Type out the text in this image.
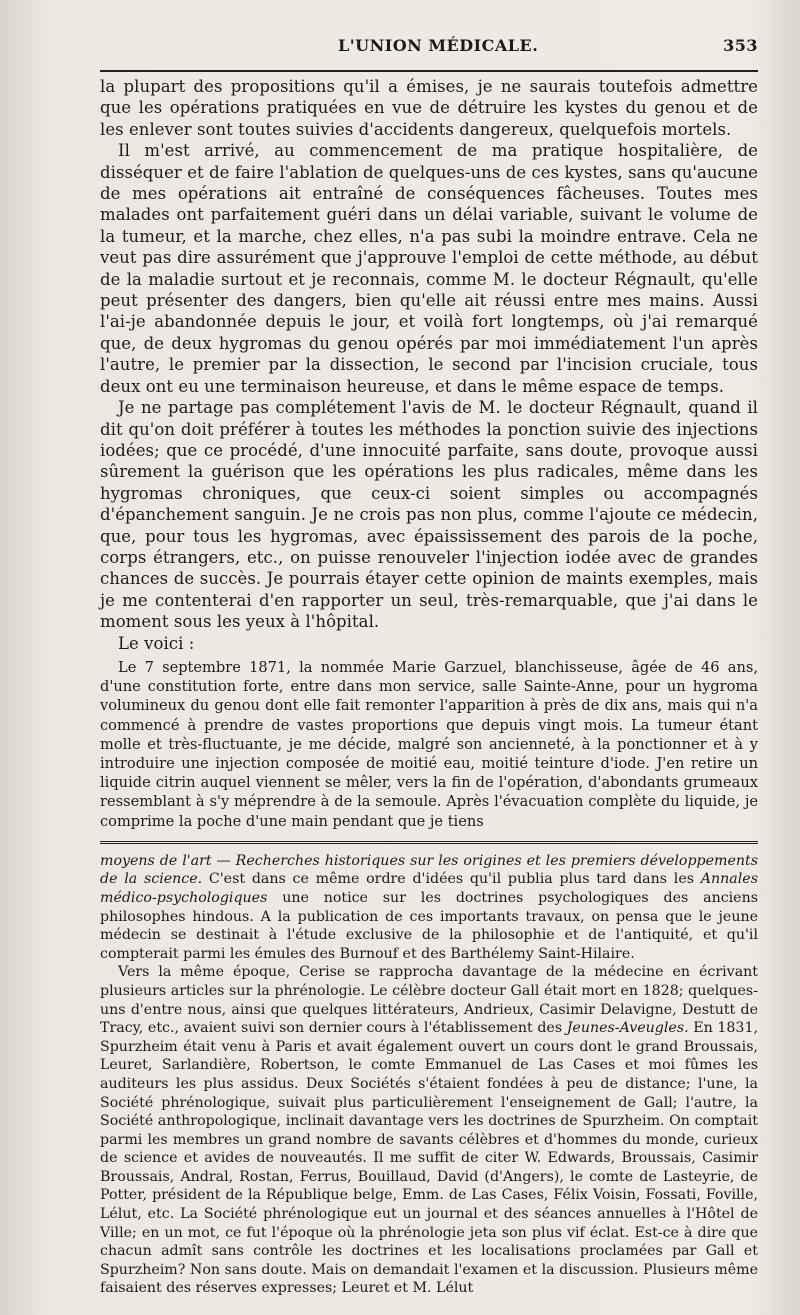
L'UNION MÉDICALE.	353

la plupart des propositions qu'il a émises, je ne saurais toutefois admettre que les opérations pratiquées en vue de détruire les kystes du genou et de les enlever sont toutes suivies d'accidents dangereux, quelquefois mortels.

Il m'est arrivé, au commencement de ma pratique hospitalière, de disséquer et de faire l'ablation de quelques-uns de ces kystes, sans qu'aucune de mes opérations ait entraîné de conséquences fâcheuses. Toutes mes malades ont parfaitement guéri dans un délai variable, suivant le volume de la tumeur, et la marche, chez elles, n'a pas subi la moindre entrave. Cela ne veut pas dire assurément que j'approuve l'emploi de cette méthode, au début de la maladie surtout et je reconnais, comme M. le docteur Régnault, qu'elle peut présenter des dangers, bien qu'elle ait réussi entre mes mains. Aussi l'ai-je abandonnée depuis le jour, et voilà fort longtemps, où j'ai remarqué que, de deux hygromas du genou opérés par moi immédiatement l'un après l'autre, le premier par la dissection, le second par l'incision cruciale, tous deux ont eu une terminaison heureuse, et dans le même espace de temps.

Je ne partage pas complétement l'avis de M. le docteur Régnault, quand il dit qu'on doit préférer à toutes les méthodes la ponction suivie des injections iodées; que ce procédé, d'une innocuité parfaite, sans doute, provoque aussi sûrement la guérison que les opérations les plus radicales, même dans les hygromas chroniques, que ceux-ci soient simples ou accompagnés d'épanchement sanguin. Je ne crois pas non plus, comme l'ajoute ce médecin, que, pour tous les hygromas, avec épaississement des parois de la poche, corps étrangers, etc., on puisse renouveler l'injection iodée avec de grandes chances de succès. Je pourrais étayer cette opinion de maints exemples, mais je me contenterai d'en rapporter un seul, très-remarquable, que j'ai dans le moment sous les yeux à l'hôpital.

Le voici :

Le 7 septembre 1871, la nommée Marie Garzuel, blanchisseuse, âgée de 46 ans, d'une constitution forte, entre dans mon service, salle Sainte-Anne, pour un hygroma volumineux du genou dont elle fait remonter l'apparition à près de dix ans, mais qui n'a commencé à prendre de vastes proportions que depuis vingt mois. La tumeur étant molle et très-fluctuante, je me décide, malgré son ancienneté, à la ponctionner et à y introduire une injection composée de moitié eau, moitié teinture d'iode. J'en retire un liquide citrin auquel viennent se mêler, vers la fin de l'opération, d'abondants grumeaux ressemblant à s'y méprendre à de la semoule. Après l'évacuation complète du liquide, je comprime la poche d'une main pendant que je tiens

moyens de l'art — Recherches historiques sur les origines et les premiers développements de la science. C'est dans ce même ordre d'idées qu'il publia plus tard dans les Annales médico-psychologiques une notice sur les doctrines psychologiques des anciens philosophes hindous. A la publication de ces importants travaux, on pensa que le jeune médecin se destinait à l'étude exclusive de la philosophie et de l'antiquité, et qu'il compterait parmi les émules des Burnouf et des Barthélemy Saint-Hilaire.

Vers la même époque, Cerise se rapprocha davantage de la médecine en écrivant plusieurs articles sur la phrénologie. Le célèbre docteur Gall était mort en 1828; quelques-uns d'entre nous, ainsi que quelques littérateurs, Andrieux, Casimir Delavigne, Destutt de Tracy, etc., avaient suivi son dernier cours à l'établissement des Jeunes-Aveugles. En 1831, Spurzheim était venu à Paris et avait également ouvert un cours dont le grand Broussais, Leuret, Sarlandière, Robertson, le comte Emmanuel de Las Cases et moi fûmes les auditeurs les plus assidus. Deux Sociétés s'étaient fondées à peu de distance; l'une, la Société phrénologique, suivait plus particulièrement l'enseignement de Gall; l'autre, la Société anthropologique, inclinait davantage vers les doctrines de Spurzheim. On comptait parmi les membres un grand nombre de savants célèbres et d'hommes du monde, curieux de science et avides de nouveautés. Il me suffit de citer W. Edwards, Broussais, Casimir Broussais, Andral, Rostan, Ferrus, Bouillaud, David (d'Angers), le comte de Lasteyrie, de Potter, président de la République belge, Emm. de Las Cases, Félix Voisin, Fossati, Foville, Lélut, etc. La Société phrénologique eut un journal et des séances annuelles à l'Hôtel de Ville; en un mot, ce fut l'époque où la phrénologie jeta son plus vif éclat. Est-ce à dire que chacun admît sans contrôle les doctrines et les localisations proclamées par Gall et Spurzheim? Non sans doute. Mais on demandait l'examen et la discussion. Plusieurs même faisaient des réserves expresses; Leuret et M. Lélut
